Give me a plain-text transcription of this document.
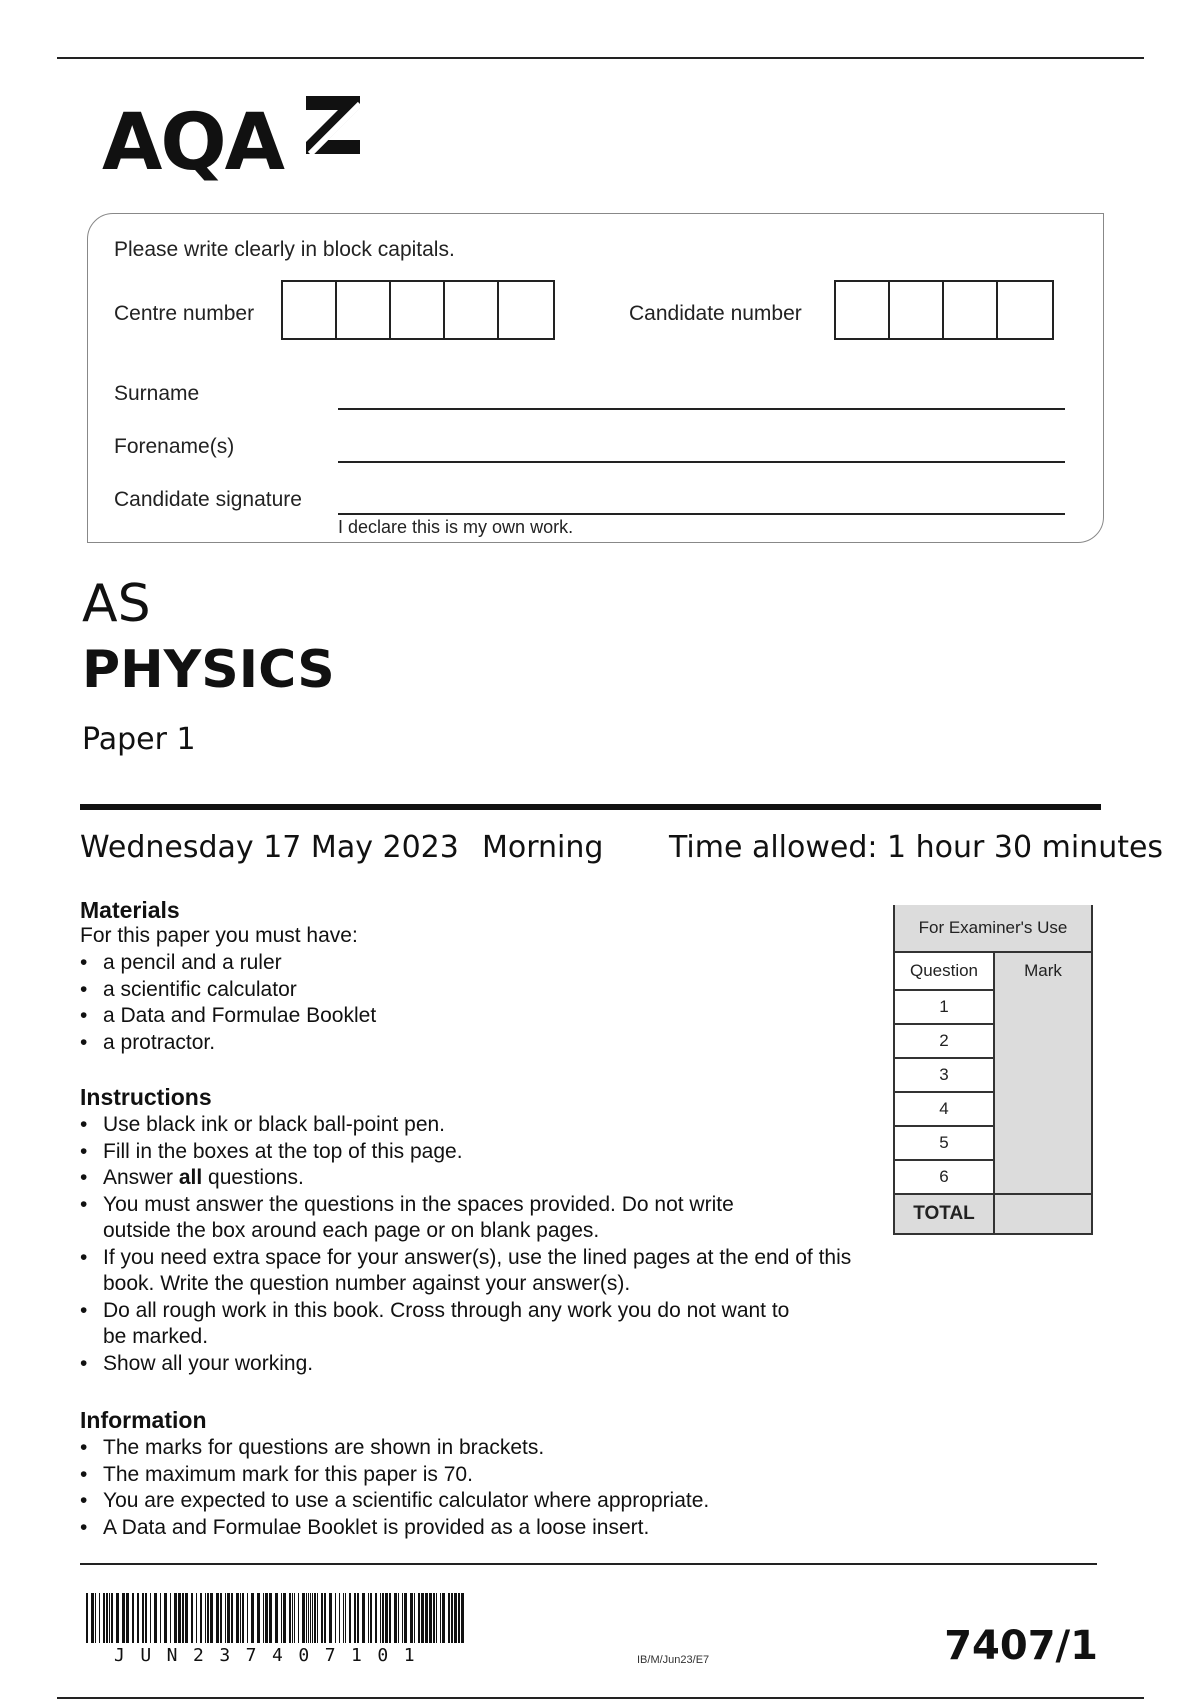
AQA
Please write clearly in block capitals.
Centre number	Candidate number
Surname
Forename(s)
Candidate signature
I declare this is my own work.
AS
PHYSICS
Paper 1
Wednesday 17 May 2023 Morning Time allowed: 1 hour 30 minutes
Materials
For this paper you must have:
• a pencil and a ruler
• a scientific calculator
• a Data and Formulae Booklet
• a protractor.
Instructions
• Use black ink or black ball-point pen.
• Fill in the boxes at the top of this page.
• Answer all questions.
• You must answer the questions in the spaces provided. Do not write outside the box around each page or on blank pages.
• If you need extra space for your answer(s), use the lined pages at the end of this book. Write the question number against your answer(s).
• Do all rough work in this book. Cross through any work you do not want to be marked.
• Show all your working.
Information
• The marks for questions are shown in brackets.
• The maximum mark for this paper is 70.
• You are expected to use a scientific calculator where appropriate.
• A Data and Formulae Booklet is provided as a loose insert.
For Examiner's Use	
Question	Mark
1	
2	
3	
4	
5	
6	
TOTAL	
JUN237407101	IB/M/Jun23/E7	7407/1
